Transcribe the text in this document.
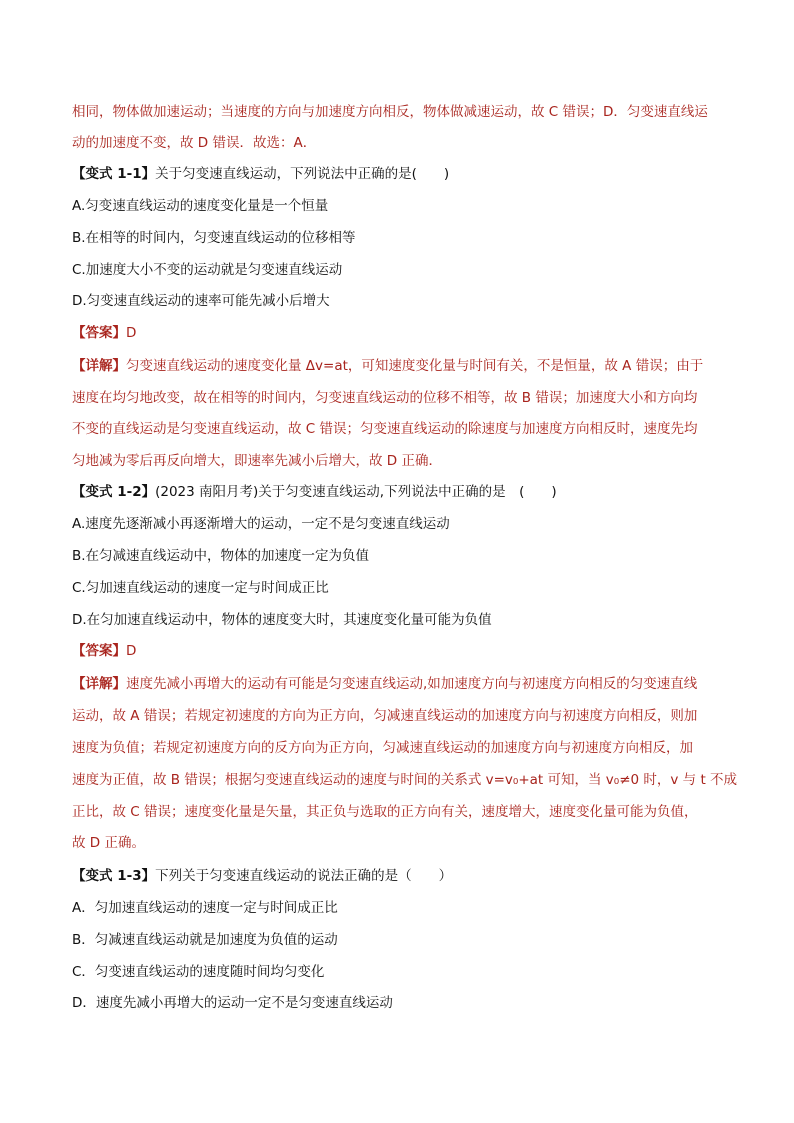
相同，物体做加速运动；当速度的方向与加速度方向相反，物体做减速运动，故 C 错误；D．匀变速直线运
动的加速度不变，故 D 错误．故选：A．
【变式 1-1】关于匀变速直线运动，下列说法中正确的是(　　)
A.匀变速直线运动的速度变化量是一个恒量
B.在相等的时间内，匀变速直线运动的位移相等
C.加速度大小不变的运动就是匀变速直线运动
D.匀变速直线运动的速率可能先减小后增大
【答案】D
【详解】匀变速直线运动的速度变化量 Δv=at，可知速度变化量与时间有关，不是恒量，故 A 错误；由于
速度在均匀地改变，故在相等的时间内，匀变速直线运动的位移不相等，故 B 错误；加速度大小和方向均
不变的直线运动是匀变速直线运动，故 C 错误；匀变速直线运动的除速度与加速度方向相反时，速度先均
匀地减为零后再反向增大，即速率先减小后增大，故 D 正确．
【变式 1-2】(2023 南阳月考)关于匀变速直线运动,下列说法中正确的是　(　　)
A.速度先逐渐减小再逐渐增大的运动，一定不是匀变速直线运动
B.在匀减速直线运动中，物体的加速度一定为负值
C.匀加速直线运动的速度一定与时间成正比
D.在匀加速直线运动中，物体的速度变大时，其速度变化量可能为负值
【答案】D
【详解】速度先减小再增大的运动有可能是匀变速直线运动,如加速度方向与初速度方向相反的匀变速直线
运动，故 A 错误；若规定初速度的方向为正方向，匀减速直线运动的加速度方向与初速度方向相反，则加
速度为负值；若规定初速度方向的反方向为正方向，匀减速直线运动的加速度方向与初速度方向相反，加
速度为正值，故 B 错误；根据匀变速直线运动的速度与时间的关系式 v=v₀+at 可知，当 v₀≠0 时，v 与 t 不成
正比，故 C 错误；速度变化量是矢量，其正负与选取的正方向有关，速度增大，速度变化量可能为负值，
故 D 正确。
【变式 1-3】下列关于匀变速直线运动的说法正确的是（　　）
A．匀加速直线运动的速度一定与时间成正比
B．匀减速直线运动就是加速度为负值的运动
C．匀变速直线运动的速度随时间均匀变化
D．速度先减小再增大的运动一定不是匀变速直线运动
